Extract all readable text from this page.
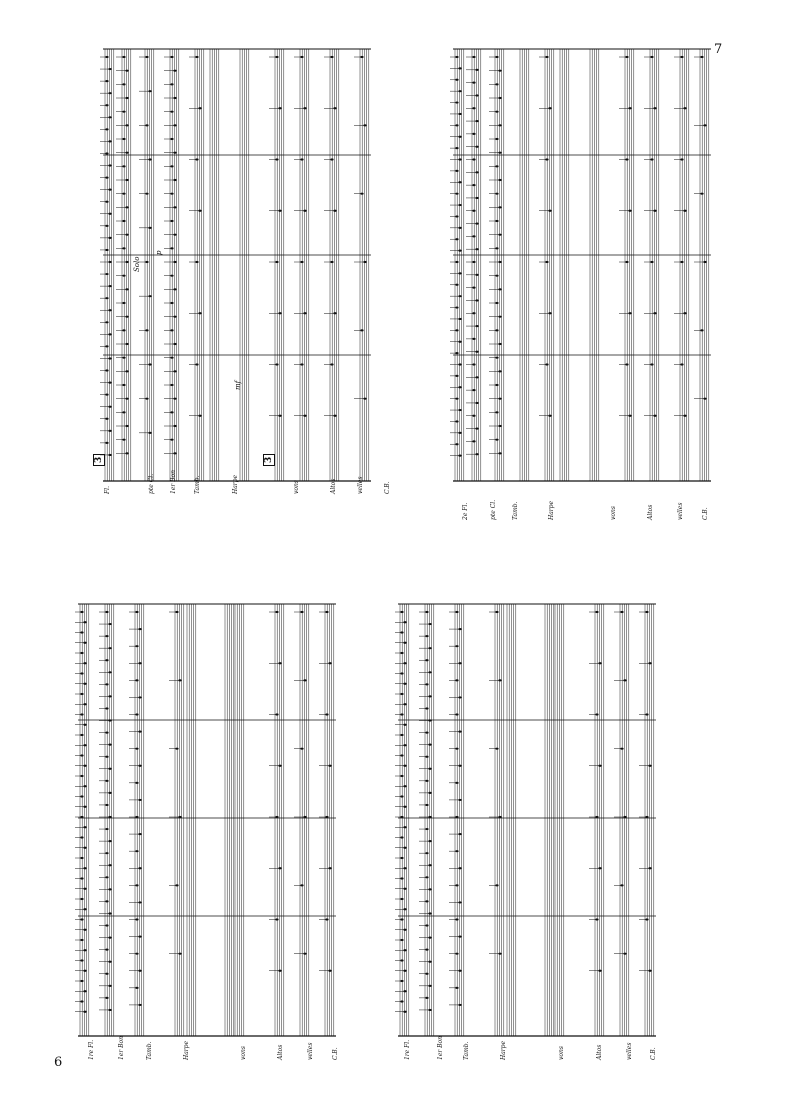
6
7
1re Fl.	1er Bon	Tamb.	Harpe	vons	Altos	velles	C.B.	1re Fl.	1er Bon	Tamb.	Harpe	vons	Altos	velles	C.B.
3	3
Solo
p
mf
Fl.	pte Cl.	1er Bon	Tamb.	Harpe	vons	Altos	velles	C.B.
2e Fl.	pte Cl.	Tamb.	Harpe	vons	Altos	velles	C.B.
